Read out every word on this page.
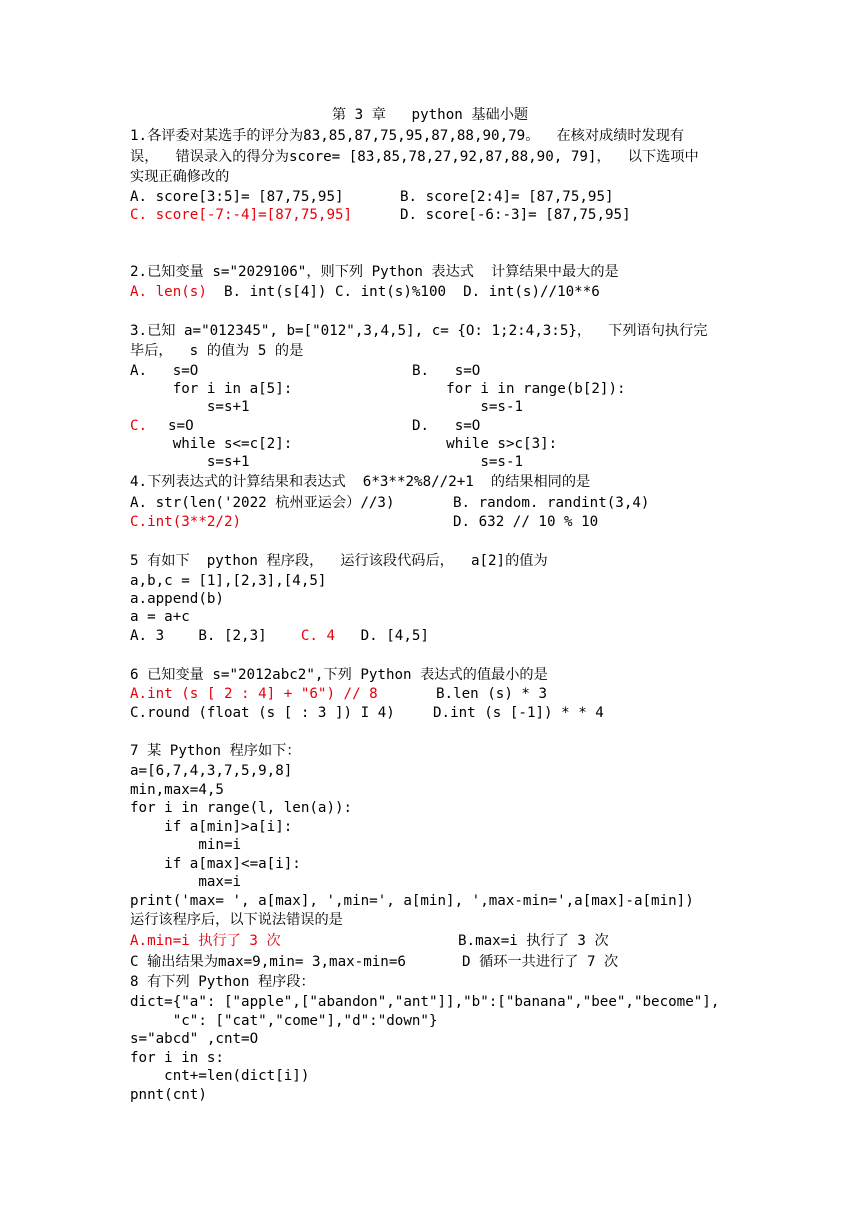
第 3 章   python 基础小题
1.各评委对某选手的评分为83,85,87,75,95,87,88,90,79。  在核对成绩时发现有
误，  错误录入的得分为score= [83,85,78,27,92,87,88,90, 79]，  以下选项中
实现正确修改的
A. score[3:5]= [87,75,95]	B. score[2:4]= [87,75,95]
C. score[-7:-4]=[87,75,95]	D. score[-6:-3]= [87,75,95]
2.已知变量 s="2029106"，则下列 Python 表达式  计算结果中最大的是
A. len(s)  B. int(s[4]) C. int(s)%100  D. int(s)//10**6
3.已知 a="012345", b=["012",3,4,5], c= {O: 1;2:4,3:5}，  下列语句执行完
毕后，  s 的值为 5 的是
A.   s=O
for i in a[5]:
s=s+1
B.   s=O
for i in range(b[2]):
s=s-1
C. s=O
while s<=c[2]:
s=s+1
D.   s=O
while s>c[3]:
s=s-1
4.下列表达式的计算结果和表达式  6*3**2%8//2+1  的结果相同的是
A. str(len('2022 杭州亚运会）//3)	B. random. randint(3,4)
C.int(3**2/2)	D. 632 // 10 % 10
5 有如下  python 程序段，  运行该段代码后，  a[2]的值为
a,b,c = [1],[2,3],[4,5]
a.append(b)
a = a+c
A. 3    B. [2,3]    C. 4   D. [4,5]
6 已知变量 s="2012abc2",下列 Python 表达式的值最小的是
A.int (s [ 2 : 4] + "6") // 8	B.len (s) * 3
C.round (float (s [ : 3 ]) I 4)	D.int (s [-1]) * * 4
7 某 Python 程序如下：
a=[6,7,4,3,7,5,9,8]
min,max=4,5
for i in range(l, len(a)):
if a[min]>a[i]:
min=i
if a[max]<=a[i]:
max=i
print('max= ', a[max], ',min=', a[min], ',max-min=',a[max]-a[min])
运行该程序后，以下说法错误的是
A.min=i 执行了 3 次	B.max=i 执行了 3 次
C 输出结果为max=9,min= 3,max-min=6	D 循环一共进行了 7 次
8 有下列 Python 程序段：
dict={"a": ["apple",["abandon","ant"]],"b":["banana","bee","become"],
"c": ["cat","come"],"d":"down"}
s="abcd" ,cnt=O
for i in s:
cnt+=len(dict[i])
pnnt(cnt)
